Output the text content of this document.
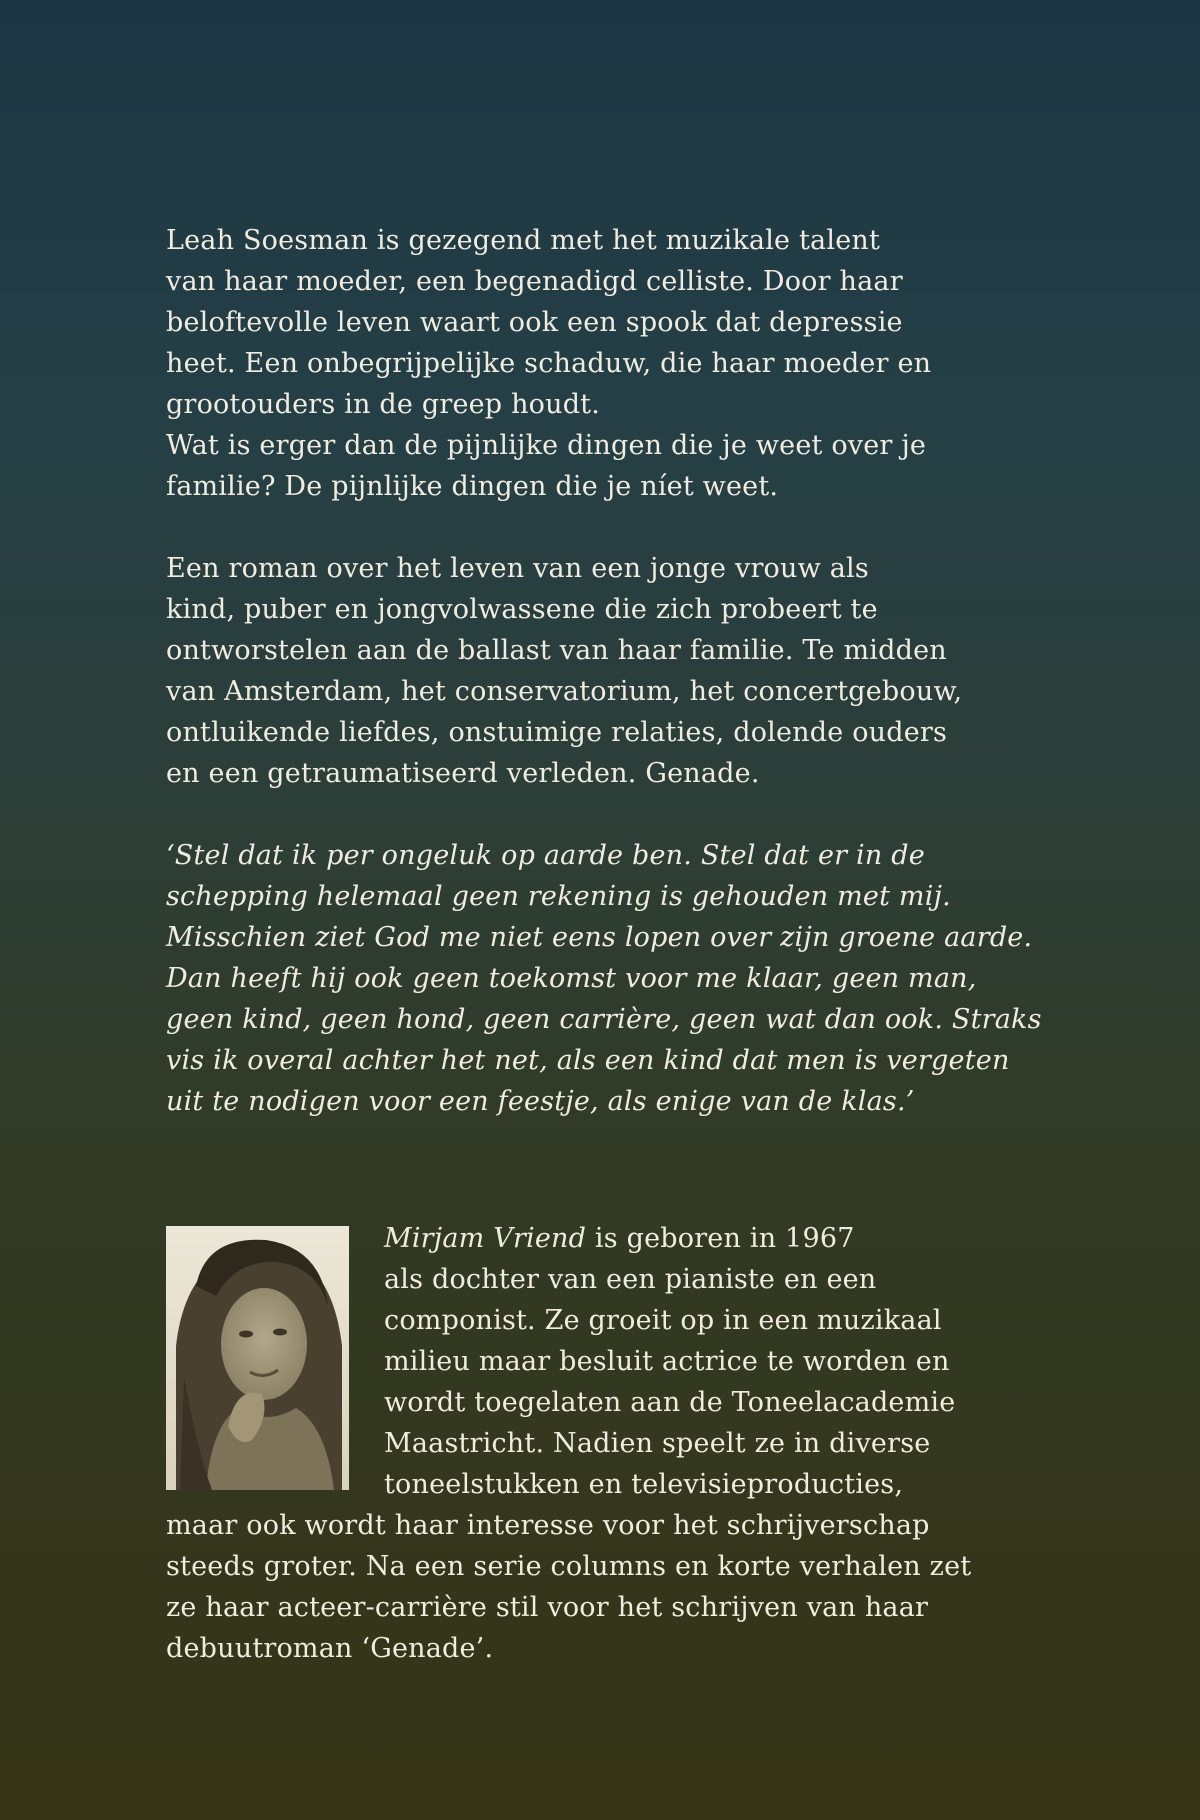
Leah Soesman is gezegend met het muzikale talent
van haar moeder, een begenadigd celliste. Door haar
beloftevolle leven waart ook een spook dat depressie
heet. Een onbegrijpelijke schaduw, die haar moeder en
grootouders in de greep houdt.
Wat is erger dan de pijnlijke dingen die je weet over je
familie? De pijnlijke dingen die je níet weet.

Een roman over het leven van een jonge vrouw als
kind, puber en jongvolwassene die zich probeert te
ontworstelen aan de ballast van haar familie. Te midden
van Amsterdam, het conservatorium, het concertgebouw,
ontluikende liefdes, onstuimige relaties, dolende ouders
en een getraumatiseerd verleden. Genade.

‘Stel dat ik per ongeluk op aarde ben. Stel dat er in de
schepping helemaal geen rekening is gehouden met mij.
Misschien ziet God me niet eens lopen over zijn groene aarde.
Dan heeft hij ook geen toekomst voor me klaar, geen man,
geen kind, geen hond, geen carrière, geen wat dan ook. Straks
vis ik overal achter het net, als een kind dat men is vergeten
uit te nodigen voor een feestje, als enige van de klas.’

Mirjam Vriend is geboren in 1967
als dochter van een pianiste en een
componist. Ze groeit op in een muzikaal
milieu maar besluit actrice te worden en
wordt toegelaten aan de Toneelacademie
Maastricht. Nadien speelt ze in diverse
toneelstukken en televisieproducties,
maar ook wordt haar interesse voor het schrijverschap
steeds groter. Na een serie columns en korte verhalen zet
ze haar acteer-carrière stil voor het schrijven van haar
debuutroman ‘Genade’.
